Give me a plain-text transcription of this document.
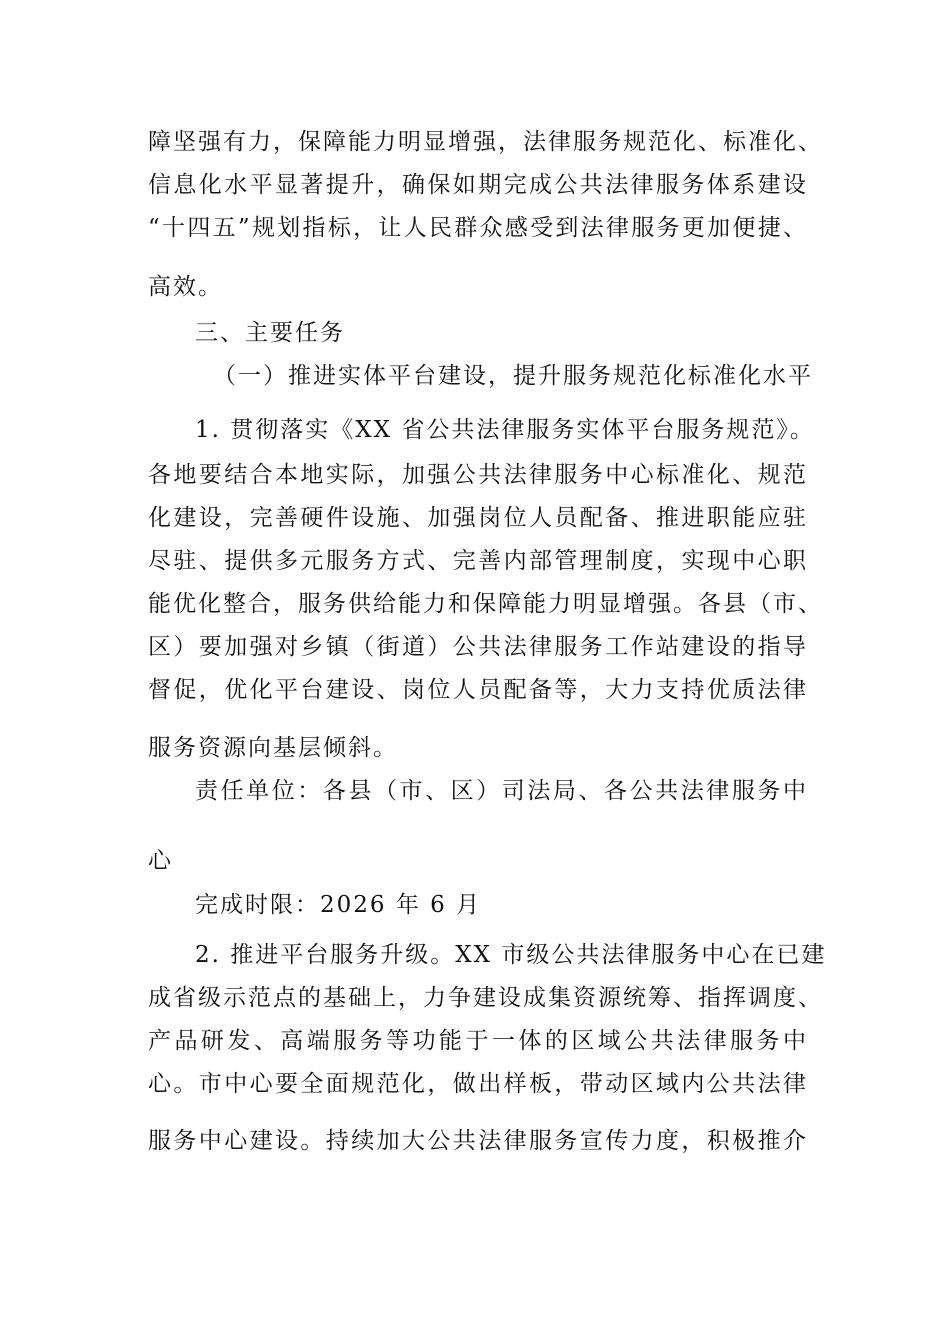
障坚强有力，保障能力明显增强，法律服务规范化、标准化、

信息化水平显著提升，确保如期完成公共法律服务体系建设

“十四五”规划指标，让人民群众感受到法律服务更加便捷、

高效。

三、主要任务

（一）推进实体平台建设，提升服务规范化标准化水平

1. 贯彻落实《XX 省公共法律服务实体平台服务规范》。

各地要结合本地实际，加强公共法律服务中心标准化、规范

化建设，完善硬件设施、加强岗位人员配备、推进职能应驻

尽驻、提供多元服务方式、完善内部管理制度，实现中心职

能优化整合，服务供给能力和保障能力明显增强。各县（市、

区）要加强对乡镇（街道）公共法律服务工作站建设的指导

督促，优化平台建设、岗位人员配备等，大力支持优质法律

服务资源向基层倾斜。

责任单位：各县（市、区）司法局、各公共法律服务中

心

完成时限：2026 年 6 月

2. 推进平台服务升级。XX 市级公共法律服务中心在已建

成省级示范点的基础上，力争建设成集资源统筹、指挥调度、

产品研发、高端服务等功能于一体的区域公共法律服务中

心。市中心要全面规范化，做出样板，带动区域内公共法律

服务中心建设。持续加大公共法律服务宣传力度，积极推介
